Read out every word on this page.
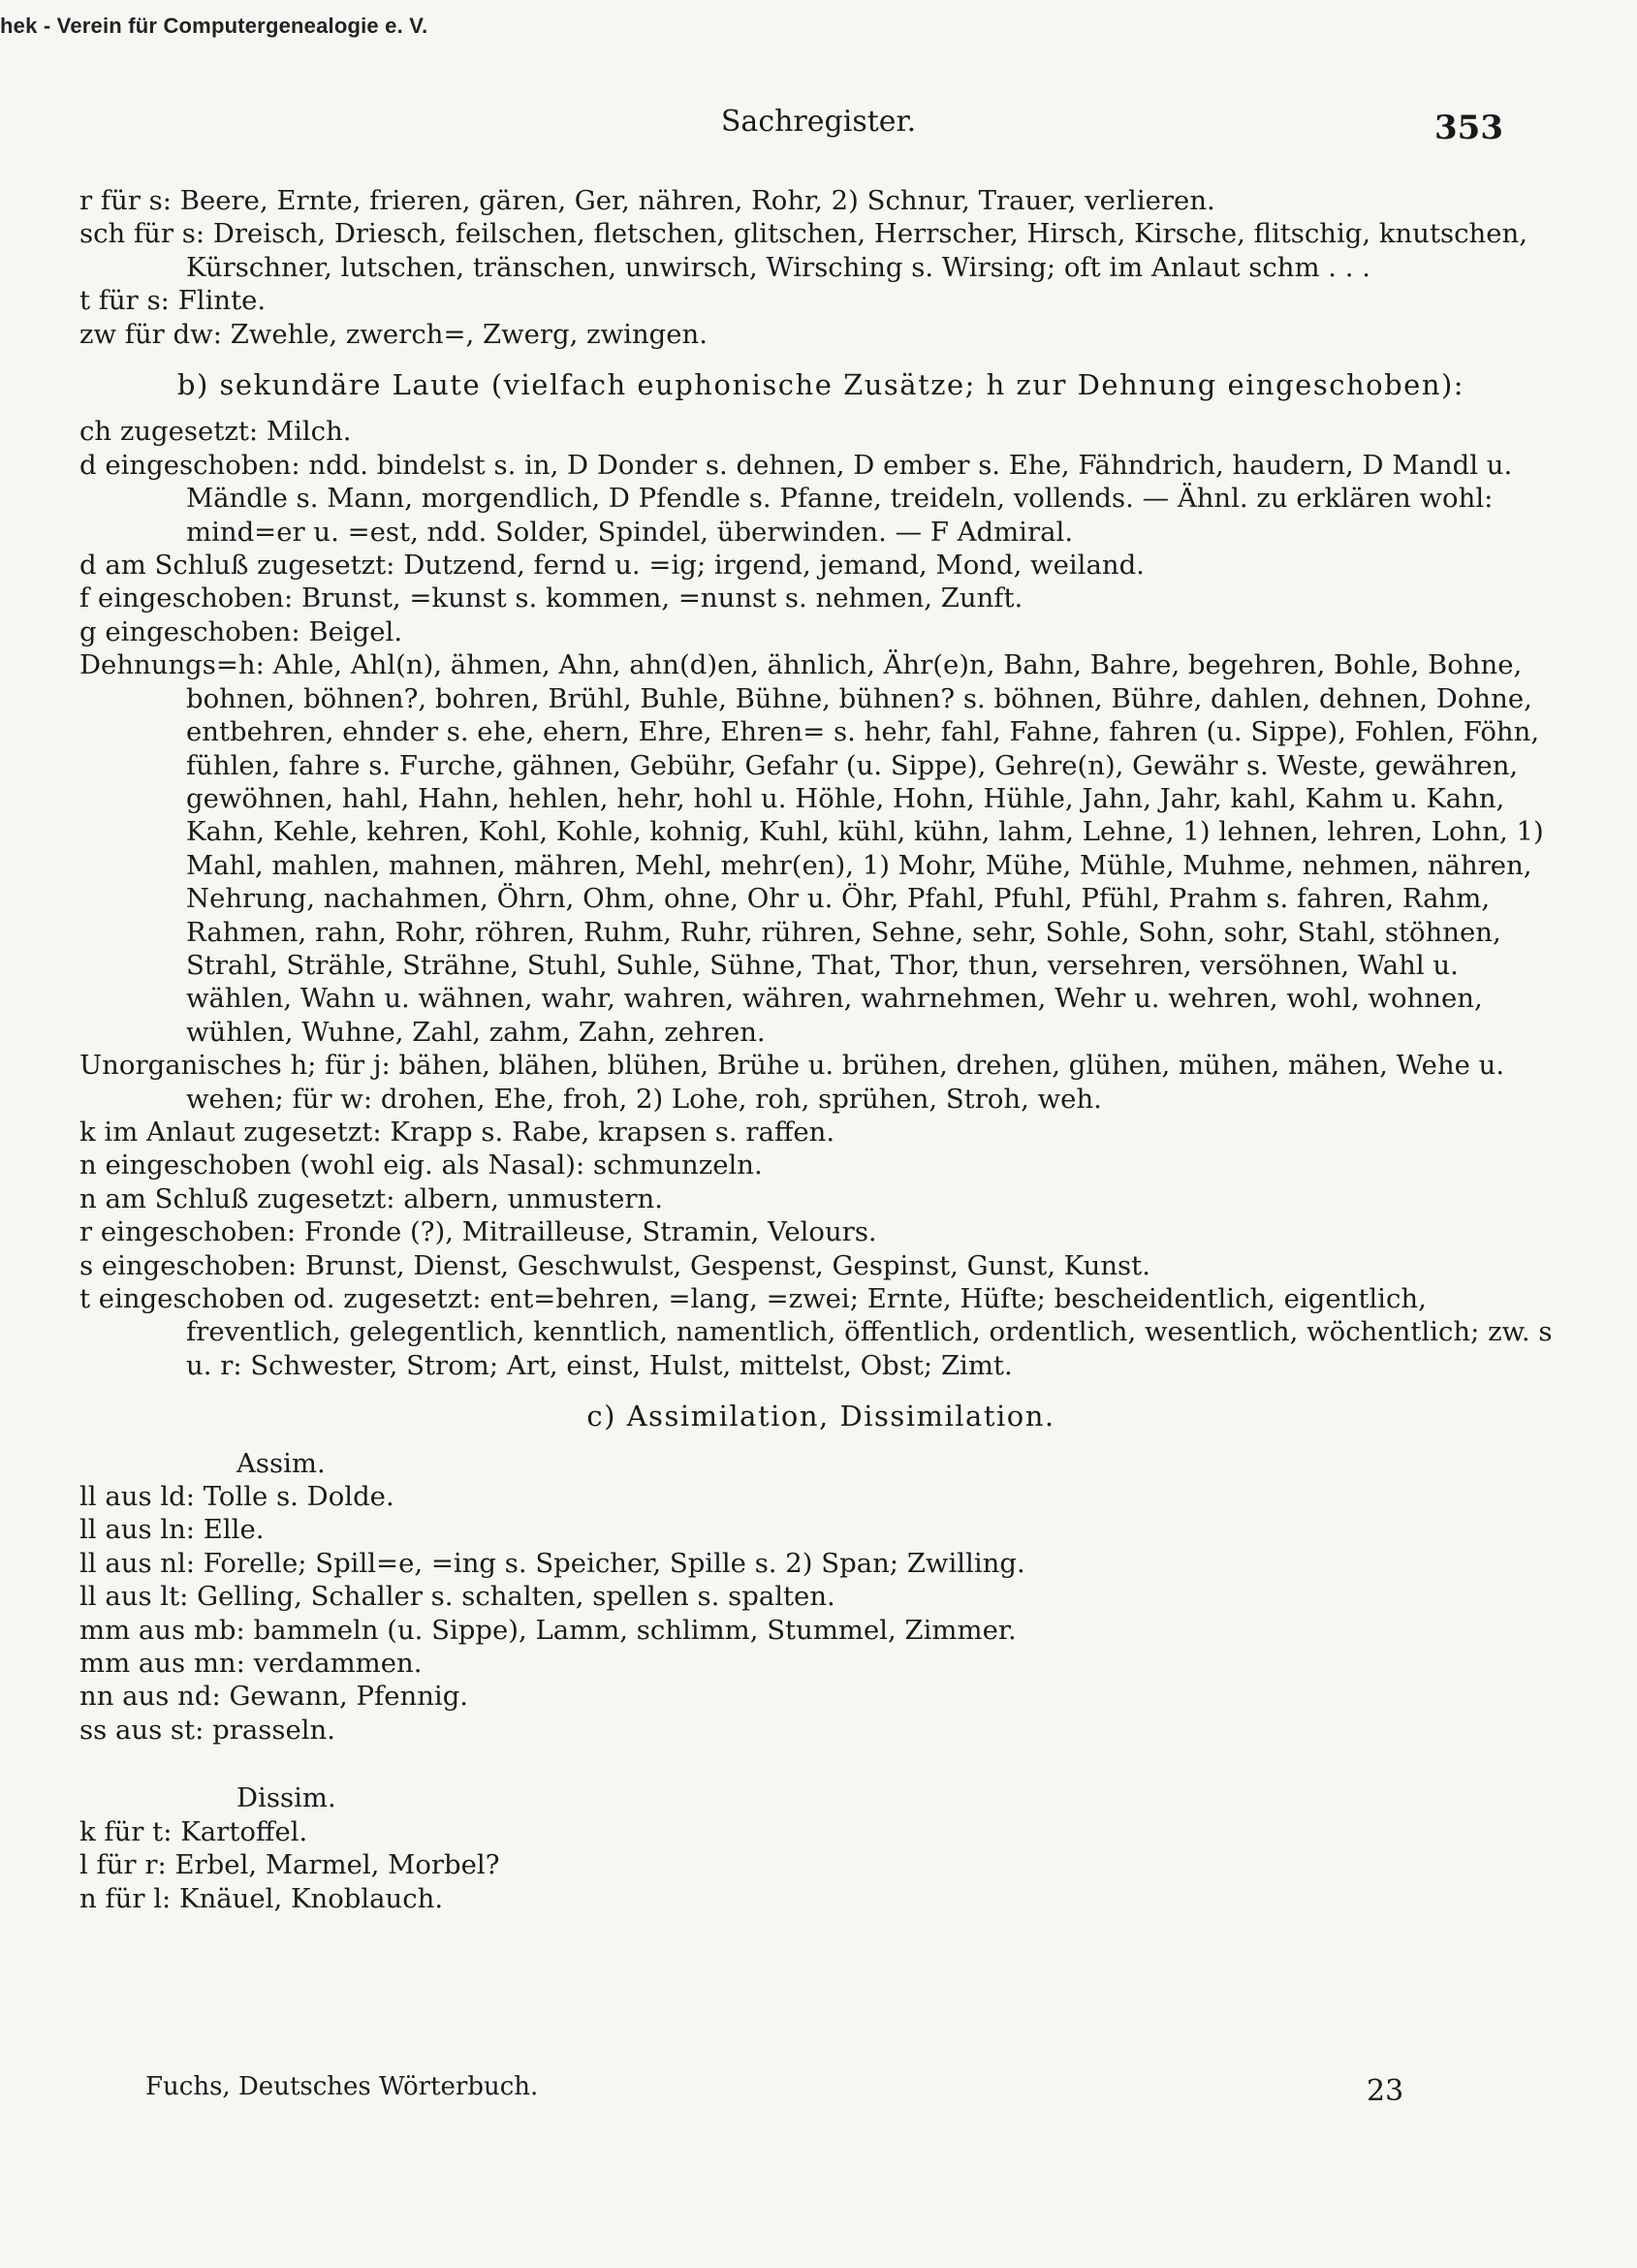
hek - Verein für Computergenealogie e. V.
Sachregister.	353

r für s: Beere, Ernte, frieren, gären, Ger, nähren, Rohr, 2) Schnur, Trauer, verlieren.

sch für s: Dreisch, Driesch, feilschen, fletschen, glitschen, Herrscher, Hirsch, Kirsche, flitschig, knutschen, Kürschner, lutschen, tränschen, unwirsch, Wirsching s. Wirsing; oft im Anlaut schm . . .

t für s: Flinte.

zw für dw: Zwehle, zwerch=, Zwerg, zwingen.

b) sekundäre Laute (vielfach euphonische Zusätze; h zur Dehnung eingeschoben):

ch zugesetzt: Milch.

d eingeschoben: ndd. bindelst s. in, D Donder s. dehnen, D ember s. Ehe, Fähndrich, haudern, D Mandl u. Mändle s. Mann, morgendlich, D Pfendle s. Pfanne, treideln, vollends. — Ähnl. zu erklären wohl: mind=er u. =est, ndd. Solder, Spindel, überwinden. — F Admiral.

d am Schluß zugesetzt: Dutzend, fernd u. =ig; irgend, jemand, Mond, weiland.

f eingeschoben: Brunst, =kunst s. kommen, =nunst s. nehmen, Zunft.

g eingeschoben: Beigel.

Dehnungs=h: Ahle, Ahl(n), ähmen, Ahn, ahn(d)en, ähnlich, Ähr(e)n, Bahn, Bahre, begehren, Bohle, Bohne, bohnen, böhnen?, bohren, Brühl, Buhle, Bühne, bühnen? s. böhnen, Bühre, dahlen, dehnen, Dohne, entbehren, ehnder s. ehe, ehern, Ehre, Ehren= s. hehr, fahl, Fahne, fahren (u. Sippe), Fohlen, Föhn, fühlen, fahre s. Furche, gähnen, Gebühr, Gefahr (u. Sippe), Gehre(n), Gewähr s. Weste, gewähren, gewöhnen, hahl, Hahn, hehlen, hehr, hohl u. Höhle, Hohn, Hühle, Jahn, Jahr, kahl, Kahm u. Kahn, Kahn, Kehle, kehren, Kohl, Kohle, kohnig, Kuhl, kühl, kühn, lahm, Lehne, 1) lehnen, lehren, Lohn, 1) Mahl, mahlen, mahnen, mähren, Mehl, mehr(en), 1) Mohr, Mühe, Mühle, Muhme, nehmen, nähren, Nehrung, nachahmen, Öhrn, Ohm, ohne, Ohr u. Öhr, Pfahl, Pfuhl, Pfühl, Prahm s. fahren, Rahm, Rahmen, rahn, Rohr, röhren, Ruhm, Ruhr, rühren, Sehne, sehr, Sohle, Sohn, sohr, Stahl, stöhnen, Strahl, Strähle, Strähne, Stuhl, Suhle, Sühne, That, Thor, thun, versehren, versöhnen, Wahl u. wählen, Wahn u. wähnen, wahr, wahren, währen, wahrnehmen, Wehr u. wehren, wohl, wohnen, wühlen, Wuhne, Zahl, zahm, Zahn, zehren.

Unorganisches h; für j: bähen, blähen, blühen, Brühe u. brühen, drehen, glühen, mühen, mähen, Wehe u. wehen; für w: drohen, Ehe, froh, 2) Lohe, roh, sprühen, Stroh, weh.

k im Anlaut zugesetzt: Krapp s. Rabe, krapsen s. raffen.

n eingeschoben (wohl eig. als Nasal): schmunzeln.

n am Schluß zugesetzt: albern, unmustern.

r eingeschoben: Fronde (?), Mitrailleuse, Stramin, Velours.

s eingeschoben: Brunst, Dienst, Geschwulst, Gespenst, Gespinst, Gunst, Kunst.

t eingeschoben od. zugesetzt: ent=behren, =lang, =zwei; Ernte, Hüfte; bescheidentlich, eigentlich, freventlich, gelegentlich, kenntlich, namentlich, öffentlich, ordentlich, wesentlich, wöchentlich; zw. s u. r: Schwester, Strom; Art, einst, Hulst, mittelst, Obst; Zimt.

c) Assimilation, Dissimilation.

Assim.

ll aus ld: Tolle s. Dolde.

ll aus ln: Elle.

ll aus nl: Forelle; Spill=e, =ing s. Speicher, Spille s. 2) Span; Zwilling.

ll aus lt: Gelling, Schaller s. schalten, spellen s. spalten.

mm aus mb: bammeln (u. Sippe), Lamm, schlimm, Stummel, Zimmer.

mm aus mn: verdammen.

nn aus nd: Gewann, Pfennig.

ss aus st: prasseln.

Dissim.

k für t: Kartoffel.

l für r: Erbel, Marmel, Morbel?

n für l: Knäuel, Knoblauch.

Fuchs, Deutsches Wörterbuch.	23
